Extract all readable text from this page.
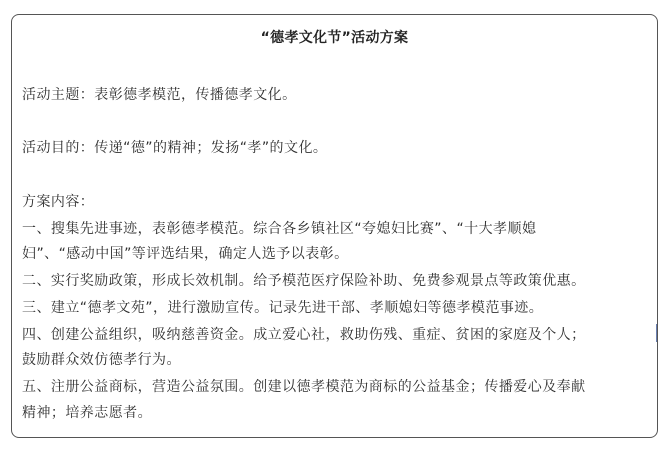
“德孝文化节”活动方案
活动主题：表彰德孝模范，传播德孝文化。
活动目的：传递“德”的精神；发扬“孝”的文化。
方案内容：
一、搜集先进事迹，表彰德孝模范。综合各乡镇社区“夸媳妇比赛”、“十大孝顺媳
妇”、“感动中国”等评选结果，确定人选予以表彰。
二、实行奖励政策，形成长效机制。给予模范医疗保险补助、免费参观景点等政策优惠。
三、建立“德孝文苑”，进行激励宣传。记录先进干部、孝顺媳妇等德孝模范事迹。
四、创建公益组织，吸纳慈善资金。成立爱心社，救助伤残、重症、贫困的家庭及个人；
鼓励群众效仿德孝行为。
五、注册公益商标，营造公益氛围。创建以德孝模范为商标的公益基金；传播爱心及奉献
精神；培养志愿者。
